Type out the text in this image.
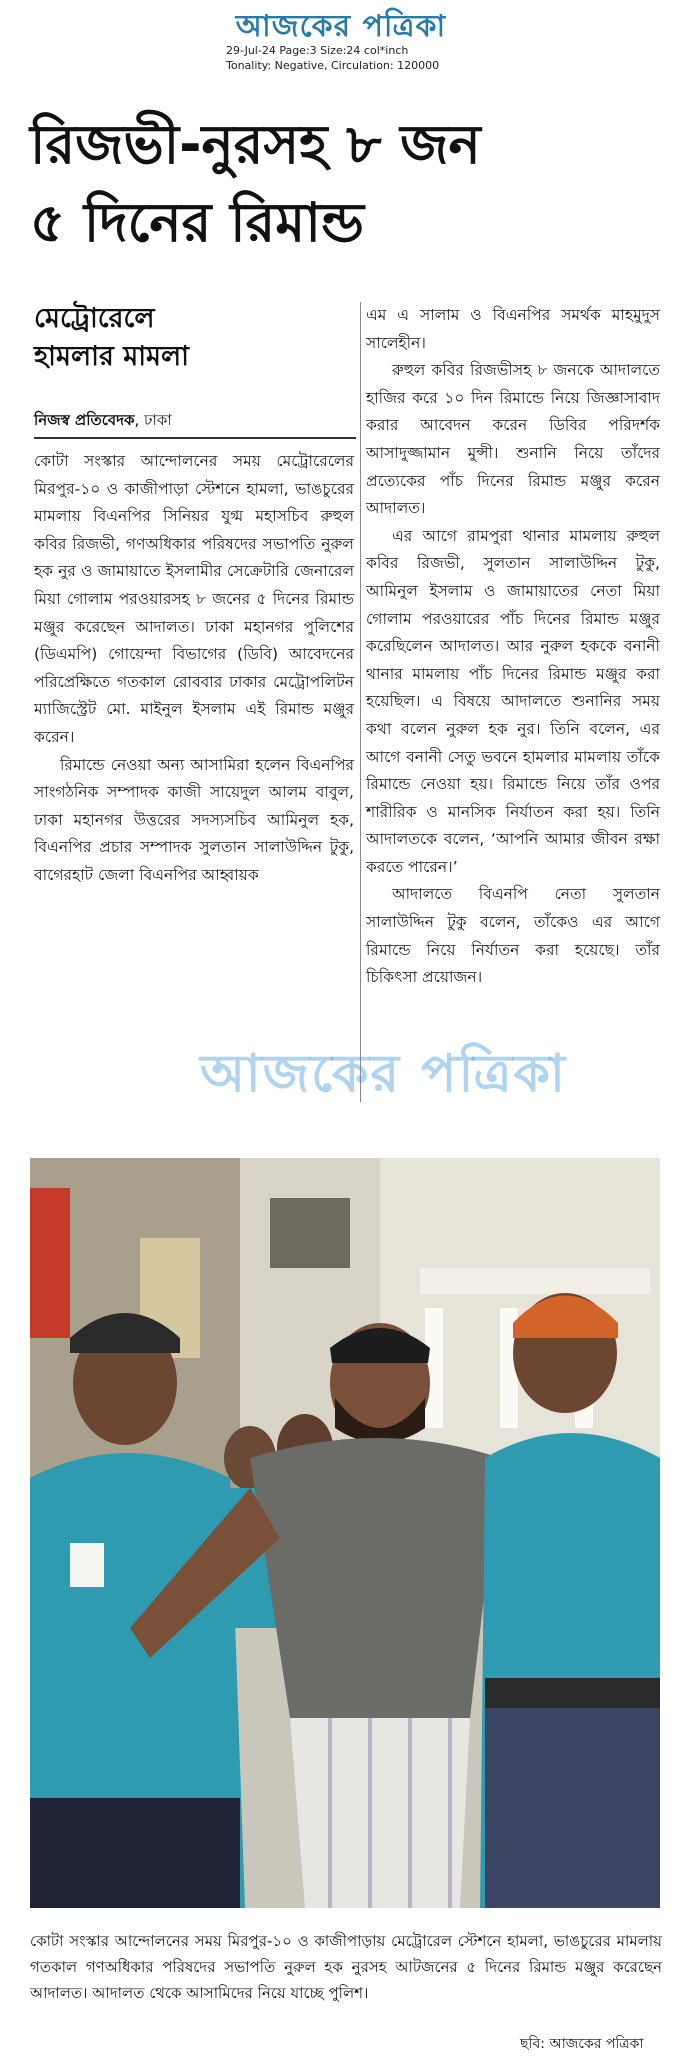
আজকের পত্রিকা
29-Jul-24 Page:3 Size:24 col*inch
Tonality: Negative, Circulation: 120000
রিজভী-নুরসহ ৮ জন
৫ দিনের রিমান্ড
মেট্রোরেলে
হামলার মামলা
নিজস্ব প্রতিবেদক, ঢাকা

কোটা সংস্কার আন্দোলনের সময় মেট্রোরেলের মিরপুর-১০ ও কাজীপাড়া স্টেশনে হামলা, ভাঙচুরের মামলায় বিএনপির সিনিয়র যুগ্ম মহাসচিব রুহুল কবির রিজভী, গণঅধিকার পরিষদের সভাপতি নুরুল হক নুর ও জামায়াতে ইসলামীর সেক্রেটারি জেনারেল মিয়া গোলাম পরওয়ারসহ ৮ জনের ৫ দিনের রিমান্ড মঞ্জুর করেছেন আদালত। ঢাকা মহানগর পুলিশের (ডিএমপি) গোয়েন্দা বিভাগের (ডিবি) আবেদনের পরিপ্রেক্ষিতে গতকাল রোববার ঢাকার মেট্রোপলিটন ম্যাজিস্ট্রেট মো. মাইনুল ইসলাম এই রিমান্ড মঞ্জুর করেন।

রিমান্ডে নেওয়া অন্য আসামিরা হলেন বিএনপির সাংগঠনিক সম্পাদক কাজী সায়েদুল আলম বাবুল, ঢাকা মহানগর উত্তরের সদস্যসচিব আমিনুল হক, বিএনপির প্রচার সম্পাদক সুলতান সালাউদ্দিন টুকু, বাগেরহাট জেলা বিএনপির আহ্বায়ক

এম এ সালাম ও বিএনপির সমর্থক মাহমুদুস সালেহীন।

রুহুল কবির রিজভীসহ ৮ জনকে আদালতে হাজির করে ১০ দিন রিমান্ডে নিয়ে জিজ্ঞাসাবাদ করার আবেদন করেন ডিবির পরিদর্শক আসাদুজ্জামান মুন্সী। শুনানি নিয়ে তাঁদের প্রত্যেকের পাঁচ দিনের রিমান্ড মঞ্জুর করেন আদালত।

এর আগে রামপুরা থানার মামলায় রুহুল কবির রিজভী, সুলতান সালাউদ্দিন টুকু, আমিনুল ইসলাম ও জামায়াতের নেতা মিয়া গোলাম পরওয়ারের পাঁচ দিনের রিমান্ড মঞ্জুর করেছিলেন আদালত। আর নুরুল হককে বনানী থানার মামলায় পাঁচ দিনের রিমান্ড মঞ্জুর করা হয়েছিল। এ বিষয়ে আদালতে শুনানির সময় কথা বলেন নুরুল হক নুর। তিনি বলেন, এর আগে বনানী সেতু ভবনে হামলার মামলায় তাঁকে রিমান্ডে নেওয়া হয়। রিমান্ডে নিয়ে তাঁর ওপর শারীরিক ও মানসিক নির্যাতন করা হয়। তিনি আদালতকে বলেন, ‘আপনি আমার জীবন রক্ষা করতে পারেন।’

আদালতে বিএনপি নেতা সুলতান সালাউদ্দিন টুকু বলেন, তাঁকেও এর আগে রিমান্ডে নিয়ে নির্যাতন করা হয়েছে। তাঁর চিকিৎসা প্রয়োজন।

আজকের পত্রিকা
কোটা সংস্কার আন্দোলনের সময় মিরপুর-১০ ও কাজীপাড়ায় মেট্রোরেল স্টেশনে হামলা, ভাঙচুরের মামলায় গতকাল গণঅধিকার পরিষদের সভাপতি নুরুল হক নুরসহ আটজনের ৫ দিনের রিমান্ড মঞ্জুর করেছেন আদালত। আদালত থেকে আসামিদের নিয়ে যাচ্ছে পুলিশ।
ছবি: আজকের পত্রিকা
